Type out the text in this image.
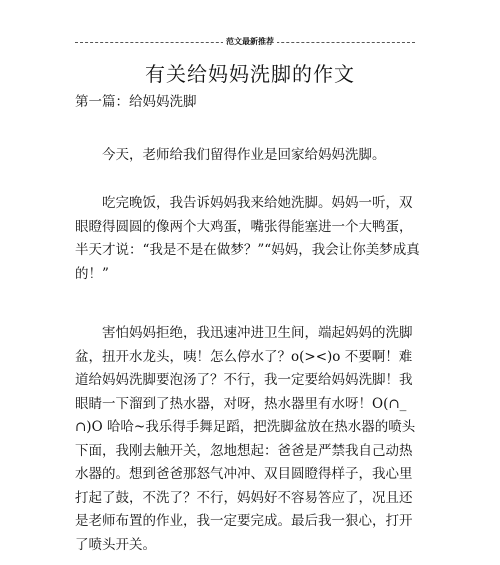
范文最新推荐
有关给妈妈洗脚的作文
第一篇：给妈妈洗脚

今天，老师给我们留得作业是回家给妈妈洗脚。

吃完晚饭，我告诉妈妈我来给她洗脚。妈妈一听，双眼瞪得圆圆的像两个大鸡蛋，嘴张得能塞进一个大鸭蛋，半天才说：“我是不是在做梦？”“妈妈，我会让你美梦成真的！”

害怕妈妈拒绝，我迅速冲进卫生间，端起妈妈的洗脚盆，扭开水龙头，咦！怎么停水了？o(><)o 不要啊！难道给妈妈洗脚要泡汤了？不行，我一定要给妈妈洗脚！我眼睛一下溜到了热水器，对呀，热水器里有水呀！O(∩_∩)O 哈哈~我乐得手舞足蹈，把洗脚盆放在热水器的喷头下面，我刚去触开关，忽地想起：爸爸是严禁我自己动热水器的。想到爸爸那怒气冲冲、双目圆瞪得样子，我心里打起了鼓，不洗了？不行，妈妈好不容易答应了，况且还是老师布置的作业，我一定要完成。最后我一狠心，打开了喷头开关。
